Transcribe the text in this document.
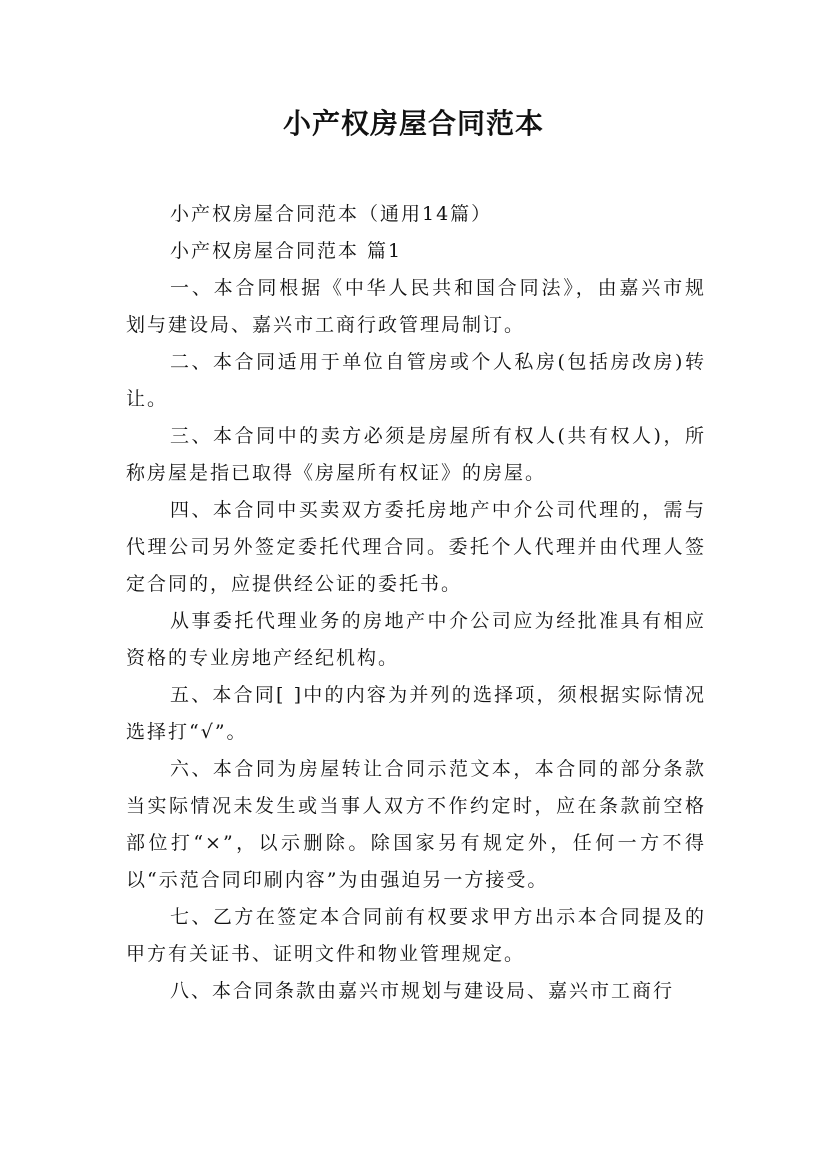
小产权房屋合同范本

小产权房屋合同范本（通用14篇）

小产权房屋合同范本 篇1

一、本合同根据《中华人民共和国合同法》，由嘉兴市规划与建设局、嘉兴市工商行政管理局制订。

二、本合同适用于单位自管房或个人私房(包括房改房)转让。

三、本合同中的卖方必须是房屋所有权人(共有权人)，所称房屋是指已取得《房屋所有权证》的房屋。

四、本合同中买卖双方委托房地产中介公司代理的，需与代理公司另外签定委托代理合同。委托个人代理并由代理人签定合同的，应提供经公证的委托书。

从事委托代理业务的房地产中介公司应为经批准具有相应资格的专业房地产经纪机构。

五、本合同[ ]中的内容为并列的选择项，须根据实际情况选择打“√”。

六、本合同为房屋转让合同示范文本，本合同的部分条款当实际情况未发生或当事人双方不作约定时，应在条款前空格部位打“×”，以示删除。除国家另有规定外，任何一方不得以“示范合同印刷内容”为由强迫另一方接受。

七、乙方在签定本合同前有权要求甲方出示本合同提及的甲方有关证书、证明文件和物业管理规定。

八、本合同条款由嘉兴市规划与建设局、嘉兴市工商行
